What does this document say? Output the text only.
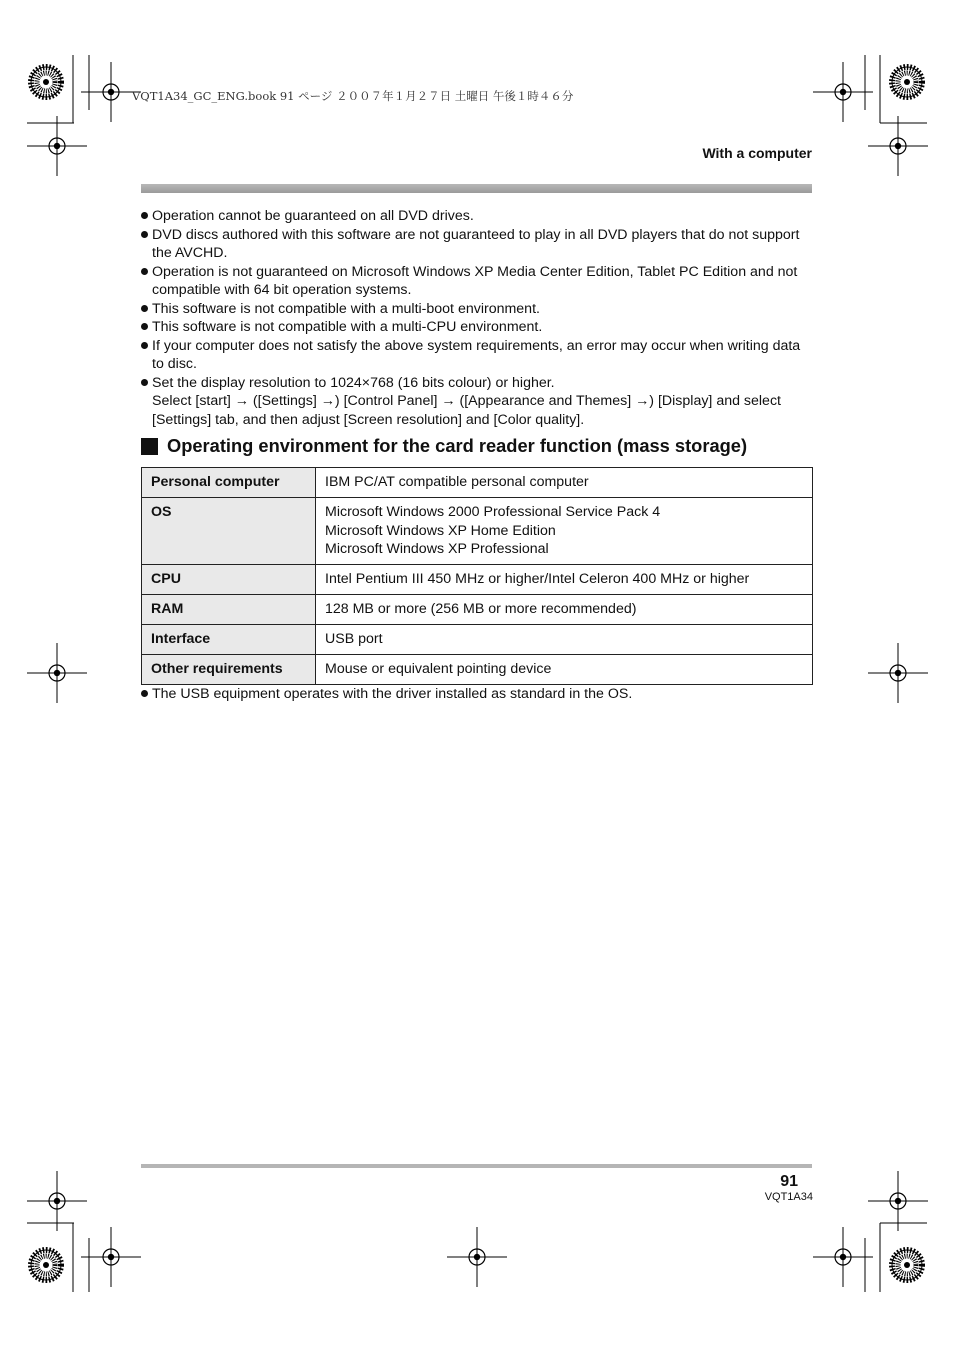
VQT1A34_GC_ENG.book 91 ページ ２００７年１月２７日 土曜日 午後１時４６分
With a computer

Operation cannot be guaranteed on all DVD drives.

DVD discs authored with this software are not guaranteed to play in all DVD players that do not support the AVCHD.

Operation is not guaranteed on Microsoft Windows XP Media Center Edition, Tablet PC Edition and not compatible with 64 bit operation systems.

This software is not compatible with a multi-boot environment.

This software is not compatible with a multi-CPU environment.

If your computer does not satisfy the above system requirements, an error may occur when writing data to disc.

Set the display resolution to 1024×768 (16 bits colour) or higher.
Select [start] → ([Settings] →) [Control Panel] → ([Appearance and Themes] →) [Display] and select [Settings] tab, and then adjust [Screen resolution] and [Color quality].

Operating environment for the card reader function (mass storage)
Personal computer	IBM PC/AT compatible personal computer

OS	Microsoft Windows 2000 Professional Service Pack 4
Microsoft Windows XP Home Edition
Microsoft Windows XP Professional

CPU	Intel Pentium III 450 MHz or higher/Intel Celeron 400 MHz or higher

RAM	128 MB or more (256 MB or more recommended)

Interface	USB port

Other requirements	Mouse or equivalent pointing device

The USB equipment operates with the driver installed as standard in the OS.

91
VQT1A34
